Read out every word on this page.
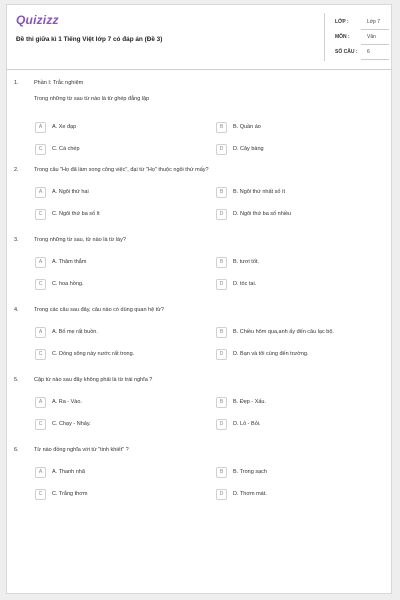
Quizizz
Đề thi giữa kì 1 Tiếng Việt lớp 7 có đáp án (Đề 3)
LỚP :	Lớp 7
MÔN :	Văn
SỐ CÂU : 6
1.	Phần I: Trắc nghiệm
Trong những từ sau từ nào là từ ghép đẳng lập
A	A. Xe đạp	B	B. Quần áo
C	C. Cá chép	D	D. Cây bàng
2.	Trong câu "Họ đã làm xong công việc", đại từ "Họ" thuộc ngôi thứ mấy?
A	A. Ngôi thứ hai	B	B. Ngôi thứ nhất số ít
C	C. Ngôi thứ ba số ít	D	D. Ngôi thứ ba số nhiều
3.	Trong những từ sau, từ nào là từ láy?
A	A. Thăm thẳm	B	B. tươi tốt.
C	C. hoa hồng.	D	D. tóc tai.
4.	Trong các câu sau đây, câu nào có dùng quan hệ từ?
A	A. Bố mẹ rất buồn.	B	B. Chiều hôm qua,anh ấy đến câu lạc bộ.
C	C. Dòng sông này nước rất trong.	D	D. Bạn và tôi cùng đến trường.
5.	Cặp từ nào sau đây không phải là từ trái nghĩa ?
A	A. Ra - Vào.	B	B. Đẹp - Xấu.
C	C. Chạy - Nhảy.	D	D. Lỏ - Bỏi.
6.	Từ nào đồng nghĩa với từ "tinh khiết" ?
A	A. Thanh nhã	B	B. Trong sạch
C	C. Trắng thơm	D	D. Thơm mát.
